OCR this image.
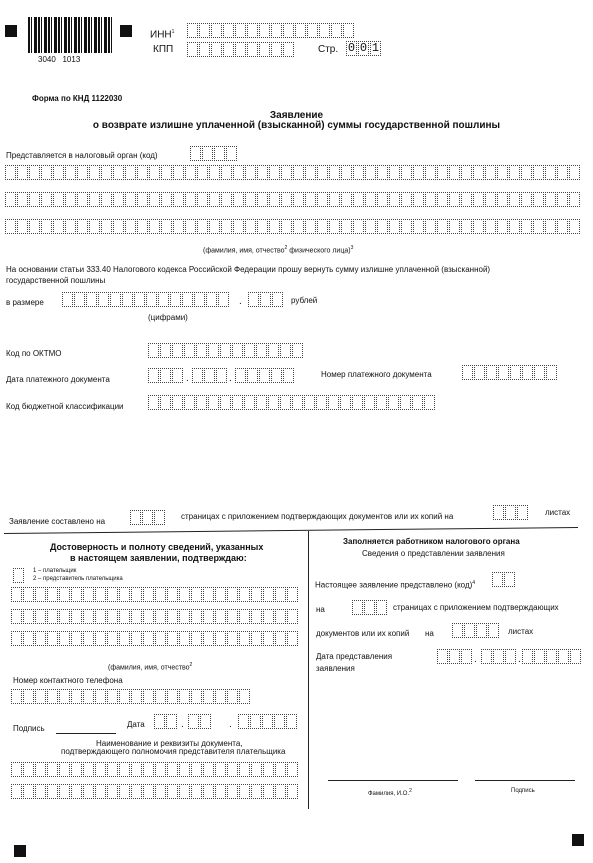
3040   1013
ИНН$^1$
КПП	Стр. 0 0 1
Форма по КНД 1122030
Заявление
о возврате излишне уплаченной (взысканной) суммы государственной пошлины
Представляется в налоговый орган (код)
(фамилия, имя, отчество$^2$ физического лица)$^3$
На основании статьи 333.40 Налогового кодекса Российской Федерации прошу вернуть сумму излишне уплаченной (взысканной)
государственной пошлины
в размере	.	рублей
(цифрами)
Код по ОКТМО
Дата платежного документа	.	.	Номер платежного документа
Код бюджетной классификации
Заявление составлено на
страницах с приложением подтверждающих документов или их копий на	листах
Достоверность и полноту сведений, указанных
в настоящем заявлении, подтверждаю:
1 – плательщик
2 – представитель плательщика
(фамилия, имя, отчество$^2$
Номер контактного телефона
Подпись	Дата	.	.
Наименование и реквизиты документа,
подтверждающего полномочия представителя плательщика
Заполняется работником налогового органа
Сведения о представлении заявления
Настоящее заявление представлено (код)$^4$
на	страницах с приложением подтверждающих
документов или их копий на	листах
Дата представления
заявления
.	.
Фамилия, И.О.$^2$	Подпись
